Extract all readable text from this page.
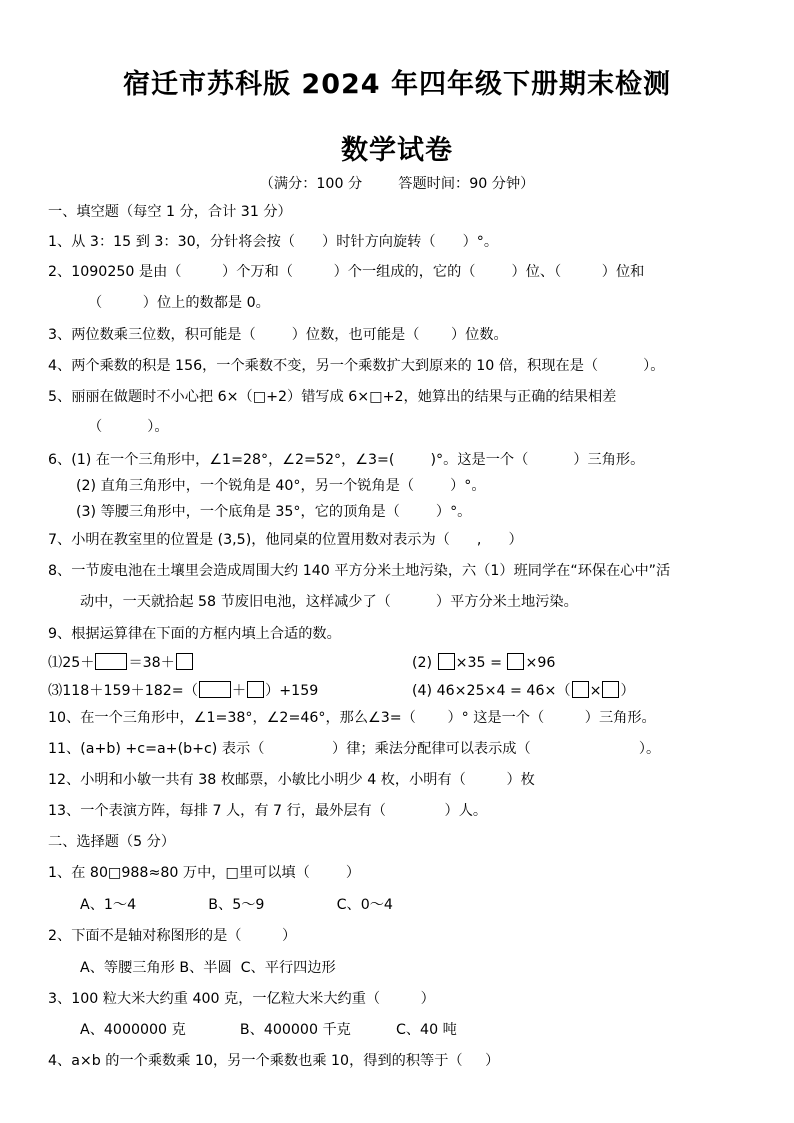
宿迁市苏科版 2024 年四年级下册期末检测
数学试卷
（满分：100 分        答题时间：90 分钟）
一、填空题（每空 1 分，合计 31 分）
1、从 3：15 到 3：30，分针将会按（      ）时针方向旋转（      ）°。
2、1090250 是由（         ）个万和（         ）个一组成的，它的（        ）位、（         ）位和
（         ）位上的数都是 0。
3、两位数乘三位数，积可能是（        ）位数，也可能是（       ）位数。
4、两个乘数的积是 156，一个乘数不变，另一个乘数扩大到原来的 10 倍，积现在是（          ）。
5、丽丽在做题时不小心把 6×（□+2）错写成 6×□+2，她算出的结果与正确的结果相差
（          ）。
6、(1) 在一个三角形中，∠1=28°，∠2=52°，∠3=(        )°。这是一个（          ）三角形。
(2) 直角三角形中，一个锐角是 40°，另一个锐角是（        ）°。
(3) 等腰三角形中，一个底角是 35°，它的顶角是（        ）°。
7、小明在教室里的位置是 (3,5)，他同桌的位置用数对表示为（      ,      ）
8、一节废电池在土壤里会造成周围大约 140 平方分米土地污染，六（1）班同学在“环保在心中”活
动中，一天就拾起 58 节废旧电池，这样减少了（          ）平方分米土地污染。
9、根据运算律在下面的方框内填上合适的数。
⑴25＋ ＝38＋	(2) ×35 = ×96
⑶118＋159＋182=（ ＋ ）+159	(4) 46×25×4 = 46×（ × ）
10、在一个三角形中，∠1=38°，∠2=46°，那么∠3=（       ）° 这是一个（         ）三角形。
11、(a+b) +c=a+(b+c) 表示（               ）律；乘法分配律可以表示成（                        ）。
12、小明和小敏一共有 38 枚邮票，小敏比小明少 4 枚，小明有（         ）枚
13、一个表演方阵，每排 7 人，有 7 行，最外层有（             ）人。
二、选择题（5 分）
1、在 80□988≈80 万中，□里可以填（        ）
A、1～4                B、5～9                C、0～4
2、下面不是轴对称图形的是（         ）
A、等腰三角形 B、半圆  C、平行四边形
3、100 粒大米大约重 400 克，一亿粒大米大约重（         ）
A、4000000 克            B、400000 千克          C、40 吨
4、a×b 的一个乘数乘 10，另一个乘数也乘 10，得到的积等于（     ）
